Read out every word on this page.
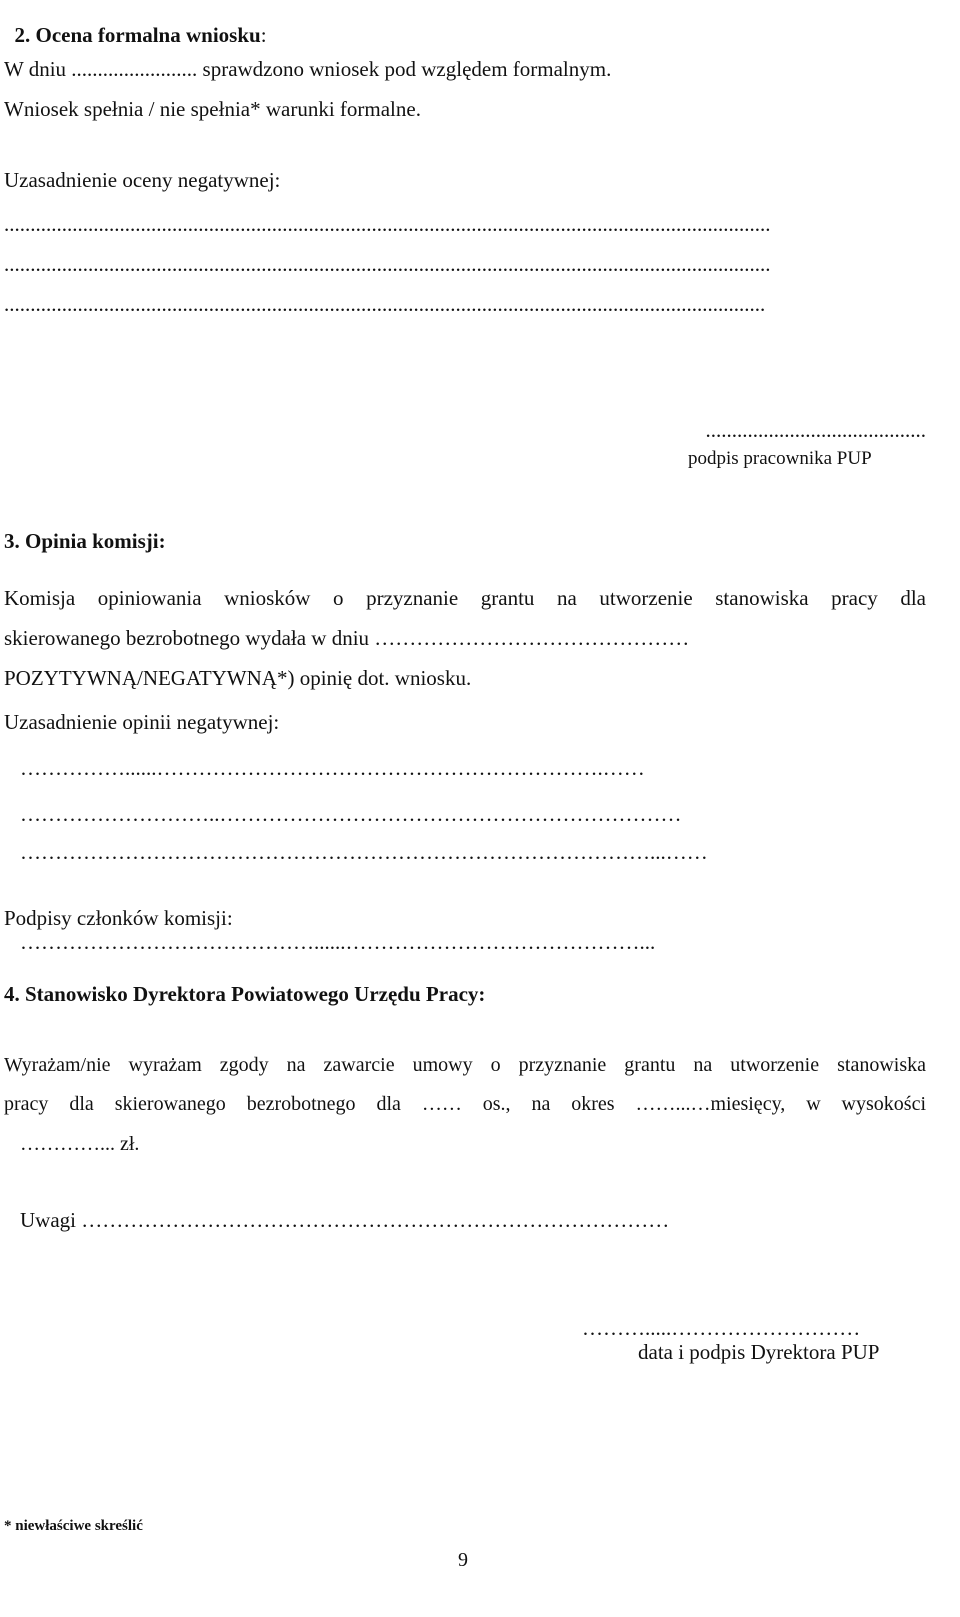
2. Ocena formalna wniosku:

W dniu ........................ sprawdzono wniosek pod względem formalnym.
Wniosek spełnia / nie spełnia* warunki formalne.
Uzasadnienie oceny negatywnej:
..................................................................................................................................................
..................................................................................................................................................
.................................................................................................................................................
..........................................
podpis pracownika PUP
3. Opinia komisji:
Komisja opiniowania wniosków o przyznanie grantu na utworzenie stanowiska pracy dla
skierowanego bezrobotnego wydała w dniu ………………………………………
POZYTYWNĄ/NEGATYWNĄ*) opinię dot. wniosku.
Uzasadnienie opinii negatywnej:
……………......……………………………………………………….……
………………………..…………………………………………………………
………………………………………………………………………………...……
Podpisy członków komisji:
……………………………………......……………………………………...
4. Stanowisko Dyrektora Powiatowego Urzędu Pracy:
Wyrażam/nie wyrażam zgody na zawarcie umowy o przyznanie grantu na utworzenie stanowiska
pracy dla skierowanego bezrobotnego dla …… os., na okres ……...…miesięcy, w wysokości
…………... zł.
Uwagi …………………………………………………………………………
……….....………………………
data i podpis Dyrektora PUP
* niewłaściwe skreślić
9
